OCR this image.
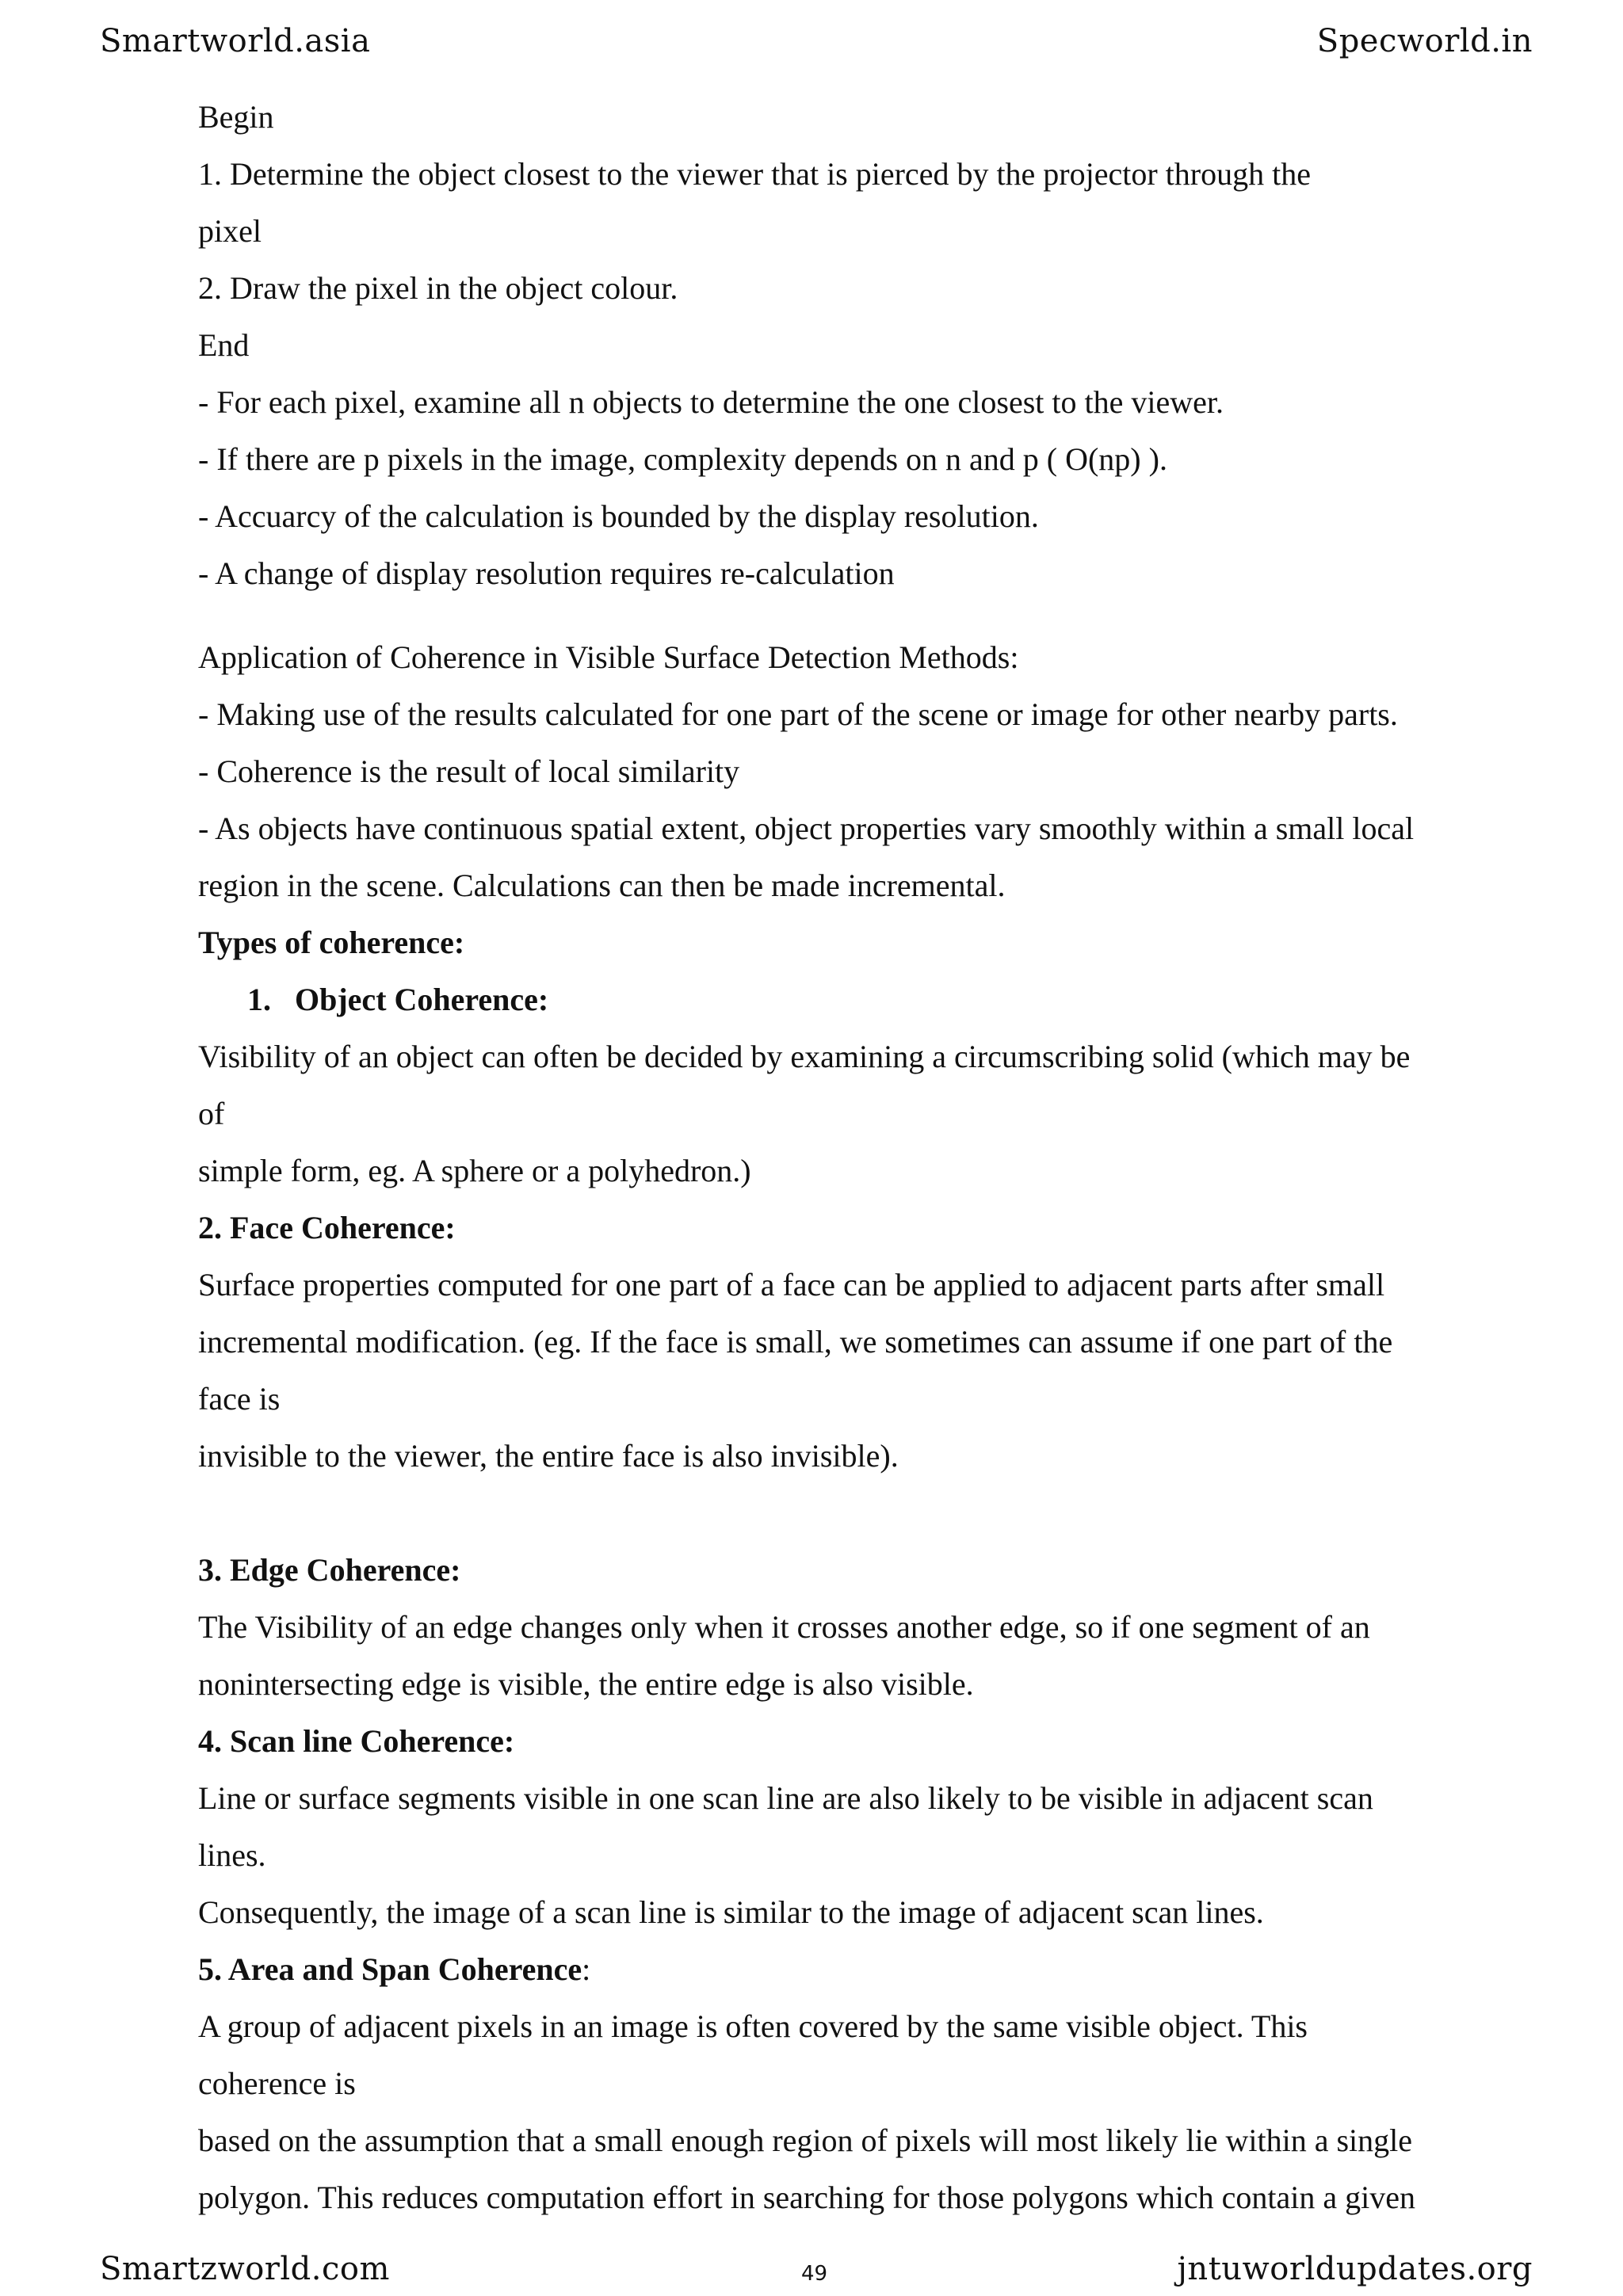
Smartworld.asia	Specworld.in
Begin
1. Determine the object closest to the viewer that is pierced by the projector through the
pixel
2. Draw the pixel in the object colour.
End
- For each pixel, examine all n objects to determine the one closest to the viewer.
- If there are p pixels in the image, complexity depends on n and p ( O(np) ).
- Accuarcy of the calculation is bounded by the display resolution.
- A change of display resolution requires re-calculation
Application of Coherence in Visible Surface Detection Methods:
- Making use of the results calculated for one part of the scene or image for other nearby parts.
- Coherence is the result of local similarity
- As objects have continuous spatial extent, object properties vary smoothly within a small local
region in the scene. Calculations can then be made incremental.
Types of coherence:
1.   Object Coherence:
Visibility of an object can often be decided by examining a circumscribing solid (which may be
of
simple form, eg. A sphere or a polyhedron.)
2. Face Coherence:
Surface properties computed for one part of a face can be applied to adjacent parts after small
incremental modification. (eg. If the face is small, we sometimes can assume if one part of the
face is
invisible to the viewer, the entire face is also invisible).
3. Edge Coherence:
The Visibility of an edge changes only when it crosses another edge, so if one segment of an
nonintersecting edge is visible, the entire edge is also visible.
4. Scan line Coherence:
Line or surface segments visible in one scan line are also likely to be visible in adjacent scan
lines.
Consequently, the image of a scan line is similar to the image of adjacent scan lines.
5. Area and Span Coherence:
A group of adjacent pixels in an image is often covered by the same visible object. This
coherence is
based on the assumption that a small enough region of pixels will most likely lie within a single
polygon. This reduces computation effort in searching for those polygons which contain a given
Smartzworld.com	49	jntuworldupdates.org
